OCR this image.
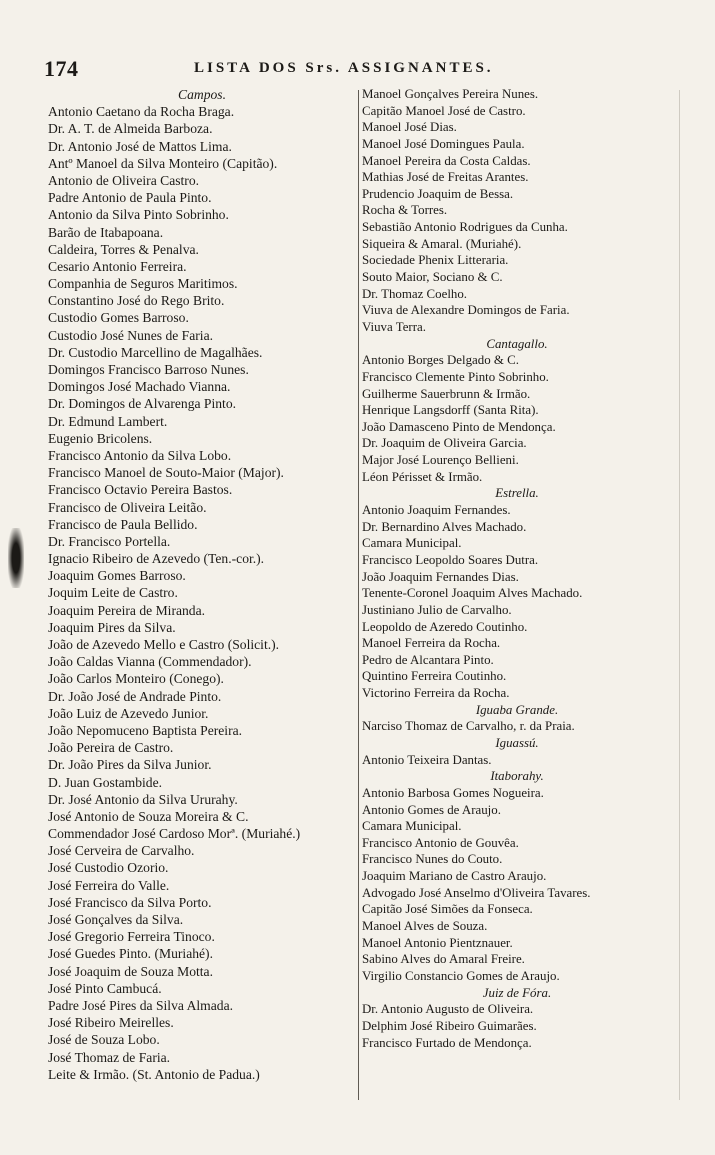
174	LISTA DOS Srs. ASSIGNANTES.
Campos.
Antonio Caetano da Rocha Braga.
Dr. A. T. de Almeida Barboza.
Dr. Antonio José de Mattos Lima.
Antº Manoel da Silva Monteiro (Capitão).
Antonio de Oliveira Castro.
Padre Antonio de Paula Pinto.
Antonio da Silva Pinto Sobrinho.
Barão de Itabapoana.
Caldeira, Torres & Penalva.
Cesario Antonio Ferreira.
Companhia de Seguros Maritimos.
Constantino José do Rego Brito.
Custodio Gomes Barroso.
Custodio José Nunes de Faria.
Dr. Custodio Marcellino de Magalhães.
Domingos Francisco Barroso Nunes.
Domingos José Machado Vianna.
Dr. Domingos de Alvarenga Pinto.
Dr. Edmund Lambert.
Eugenio Bricolens.
Francisco Antonio da Silva Lobo.
Francisco Manoel de Souto-Maior (Major).
Francisco Octavio Pereira Bastos.
Francisco de Oliveira Leitão.
Francisco de Paula Bellido.
Dr. Francisco Portella.
Ignacio Ribeiro de Azevedo (Ten.-cor.).
Joaquim Gomes Barroso.
Joquim Leite de Castro.
Joaquim Pereira de Miranda.
Joaquim Pires da Silva.
João de Azevedo Mello e Castro (Solicit.).
João Caldas Vianna (Commendador).
João Carlos Monteiro (Conego).
Dr. João José de Andrade Pinto.
João Luiz de Azevedo Junior.
João Nepomuceno Baptista Pereira.
João Pereira de Castro.
Dr. João Pires da Silva Junior.
D. Juan Gostambide.
Dr. José Antonio da Silva Ururahy.
José Antonio de Souza Moreira & C.
Commendador José Cardoso Morª. (Muriahé.)
José Cerveira de Carvalho.
José Custodio Ozorio.
José Ferreira do Valle.
José Francisco da Silva Porto.
José Gonçalves da Silva.
José Gregorio Ferreira Tinoco.
José Guedes Pinto. (Muriahé).
José Joaquim de Souza Motta.
José Pinto Cambucá.
Padre José Pires da Silva Almada.
José Ribeiro Meirelles.
José de Souza Lobo.
José Thomaz de Faria.
Leite & Irmão. (St. Antonio de Padua.)
Manoel Gonçalves Pereira Nunes.
Capitão Manoel José de Castro.
Manoel José Dias.
Manoel José Domingues Paula.
Manoel Pereira da Costa Caldas.
Mathias José de Freitas Arantes.
Prudencio Joaquim de Bessa.
Rocha & Torres.
Sebastião Antonio Rodrigues da Cunha.
Siqueira & Amaral. (Muriahé).
Sociedade Phenix Litteraria.
Souto Maior, Sociano & C.
Dr. Thomaz Coelho.
Viuva de Alexandre Domingos de Faria.
Viuva Terra.
Cantagallo.
Antonio Borges Delgado & C.
Francisco Clemente Pinto Sobrinho.
Guilherme Sauerbrunn & Irmão.
Henrique Langsdorff (Santa Rita).
João Damasceno Pinto de Mendonça.
Dr. Joaquim de Oliveira Garcia.
Major José Lourenço Bellieni.
Léon Périsset & Irmão.
Estrella.
Antonio Joaquim Fernandes.
Dr. Bernardino Alves Machado.
Camara Municipal.
Francisco Leopoldo Soares Dutra.
João Joaquim Fernandes Dias.
Tenente-Coronel Joaquim Alves Machado.
Justiniano Julio de Carvalho.
Leopoldo de Azeredo Coutinho.
Manoel Ferreira da Rocha.
Pedro de Alcantara Pinto.
Quintino Ferreira Coutinho.
Victorino Ferreira da Rocha.
Iguaba Grande.
Narciso Thomaz de Carvalho, r. da Praia.
Iguassú.
Antonio Teixeira Dantas.
Itaborahy.
Antonio Barbosa Gomes Nogueira.
Antonio Gomes de Araujo.
Camara Municipal.
Francisco Antonio de Gouvêa.
Francisco Nunes do Couto.
Joaquim Mariano de Castro Araujo.
Advogado José Anselmo d'Oliveira Tavares.
Capitão José Simões da Fonseca.
Manoel Alves de Souza.
Manoel Antonio Pientznauer.
Sabino Alves do Amaral Freire.
Virgilio Constancio Gomes de Araujo.
Juiz de Fóra.
Dr. Antonio Augusto de Oliveira.
Delphim José Ribeiro Guimarães.
Francisco Furtado de Mendonça.
